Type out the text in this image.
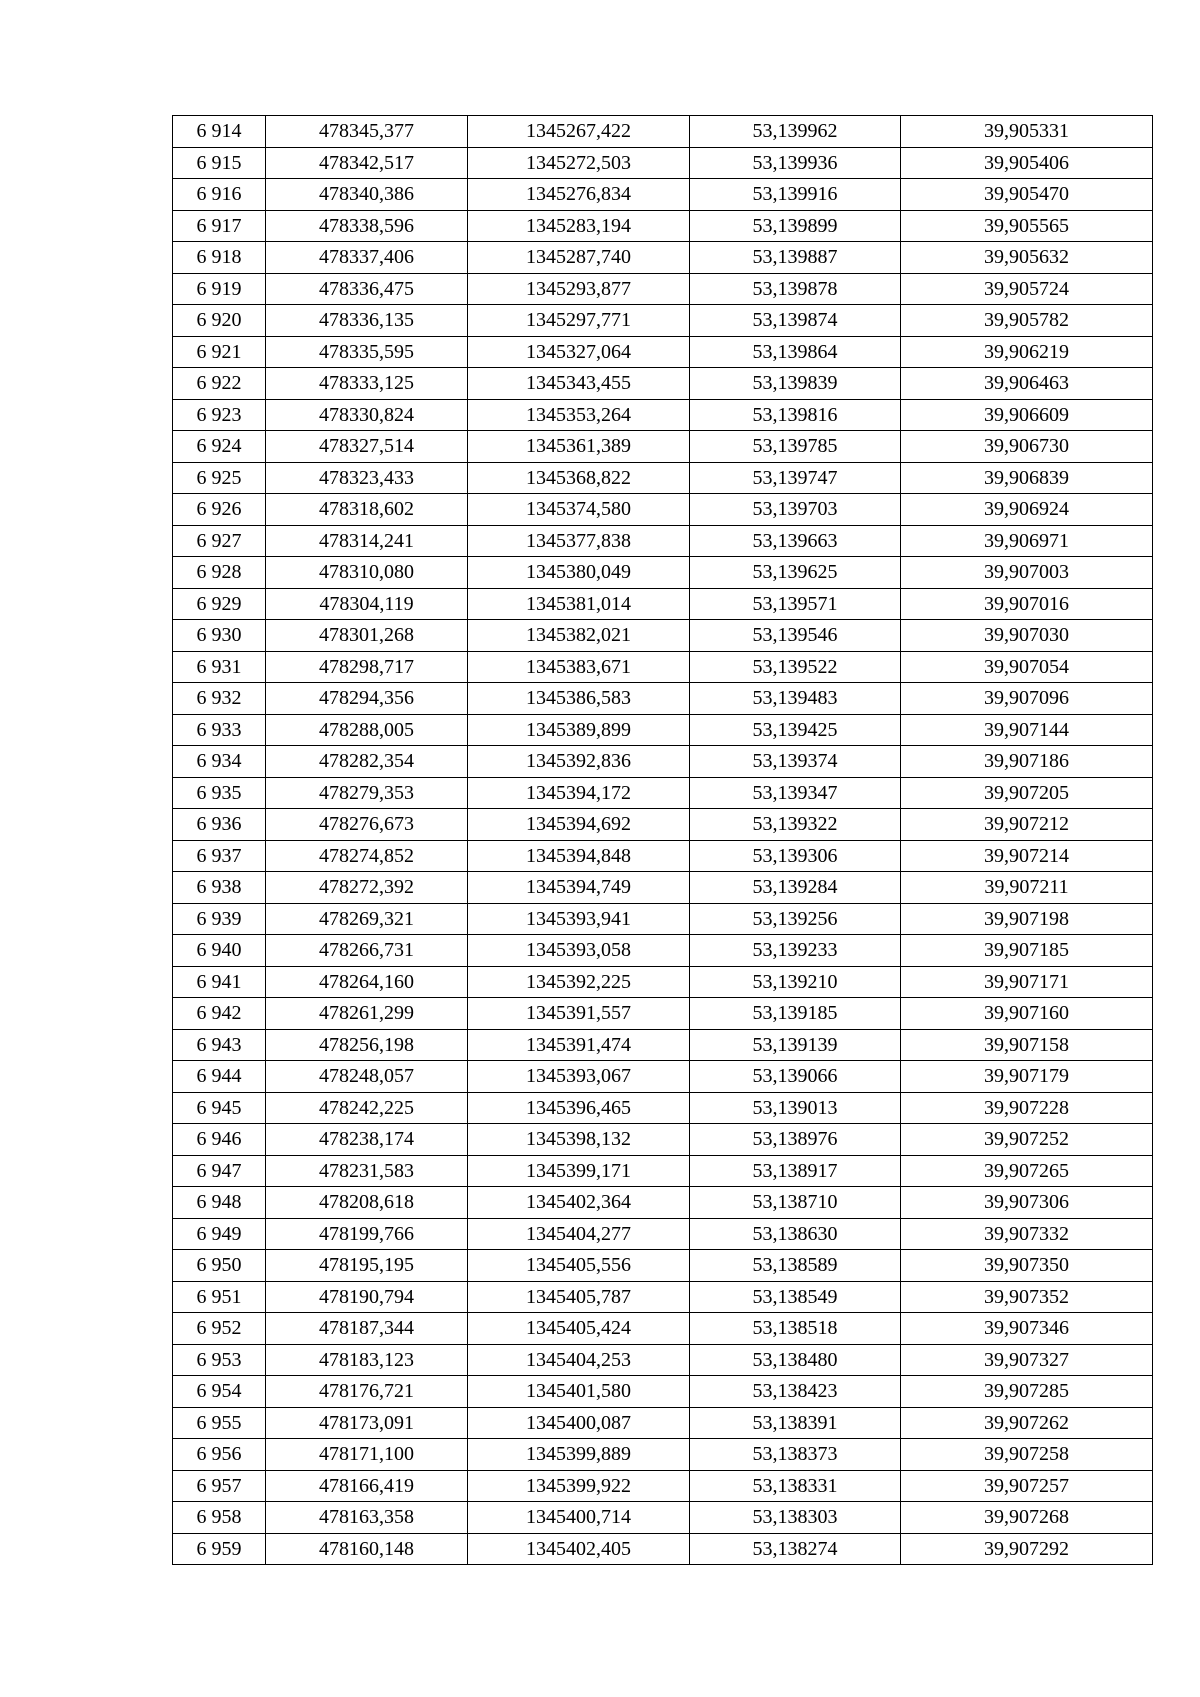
6 914	478345,377	1345267,422	53,139962	39,905331
6 915	478342,517	1345272,503	53,139936	39,905406
6 916	478340,386	1345276,834	53,139916	39,905470
6 917	478338,596	1345283,194	53,139899	39,905565
6 918	478337,406	1345287,740	53,139887	39,905632
6 919	478336,475	1345293,877	53,139878	39,905724
6 920	478336,135	1345297,771	53,139874	39,905782
6 921	478335,595	1345327,064	53,139864	39,906219
6 922	478333,125	1345343,455	53,139839	39,906463
6 923	478330,824	1345353,264	53,139816	39,906609
6 924	478327,514	1345361,389	53,139785	39,906730
6 925	478323,433	1345368,822	53,139747	39,906839
6 926	478318,602	1345374,580	53,139703	39,906924
6 927	478314,241	1345377,838	53,139663	39,906971
6 928	478310,080	1345380,049	53,139625	39,907003
6 929	478304,119	1345381,014	53,139571	39,907016
6 930	478301,268	1345382,021	53,139546	39,907030
6 931	478298,717	1345383,671	53,139522	39,907054
6 932	478294,356	1345386,583	53,139483	39,907096
6 933	478288,005	1345389,899	53,139425	39,907144
6 934	478282,354	1345392,836	53,139374	39,907186
6 935	478279,353	1345394,172	53,139347	39,907205
6 936	478276,673	1345394,692	53,139322	39,907212
6 937	478274,852	1345394,848	53,139306	39,907214
6 938	478272,392	1345394,749	53,139284	39,907211
6 939	478269,321	1345393,941	53,139256	39,907198
6 940	478266,731	1345393,058	53,139233	39,907185
6 941	478264,160	1345392,225	53,139210	39,907171
6 942	478261,299	1345391,557	53,139185	39,907160
6 943	478256,198	1345391,474	53,139139	39,907158
6 944	478248,057	1345393,067	53,139066	39,907179
6 945	478242,225	1345396,465	53,139013	39,907228
6 946	478238,174	1345398,132	53,138976	39,907252
6 947	478231,583	1345399,171	53,138917	39,907265
6 948	478208,618	1345402,364	53,138710	39,907306
6 949	478199,766	1345404,277	53,138630	39,907332
6 950	478195,195	1345405,556	53,138589	39,907350
6 951	478190,794	1345405,787	53,138549	39,907352
6 952	478187,344	1345405,424	53,138518	39,907346
6 953	478183,123	1345404,253	53,138480	39,907327
6 954	478176,721	1345401,580	53,138423	39,907285
6 955	478173,091	1345400,087	53,138391	39,907262
6 956	478171,100	1345399,889	53,138373	39,907258
6 957	478166,419	1345399,922	53,138331	39,907257
6 958	478163,358	1345400,714	53,138303	39,907268
6 959	478160,148	1345402,405	53,138274	39,907292
